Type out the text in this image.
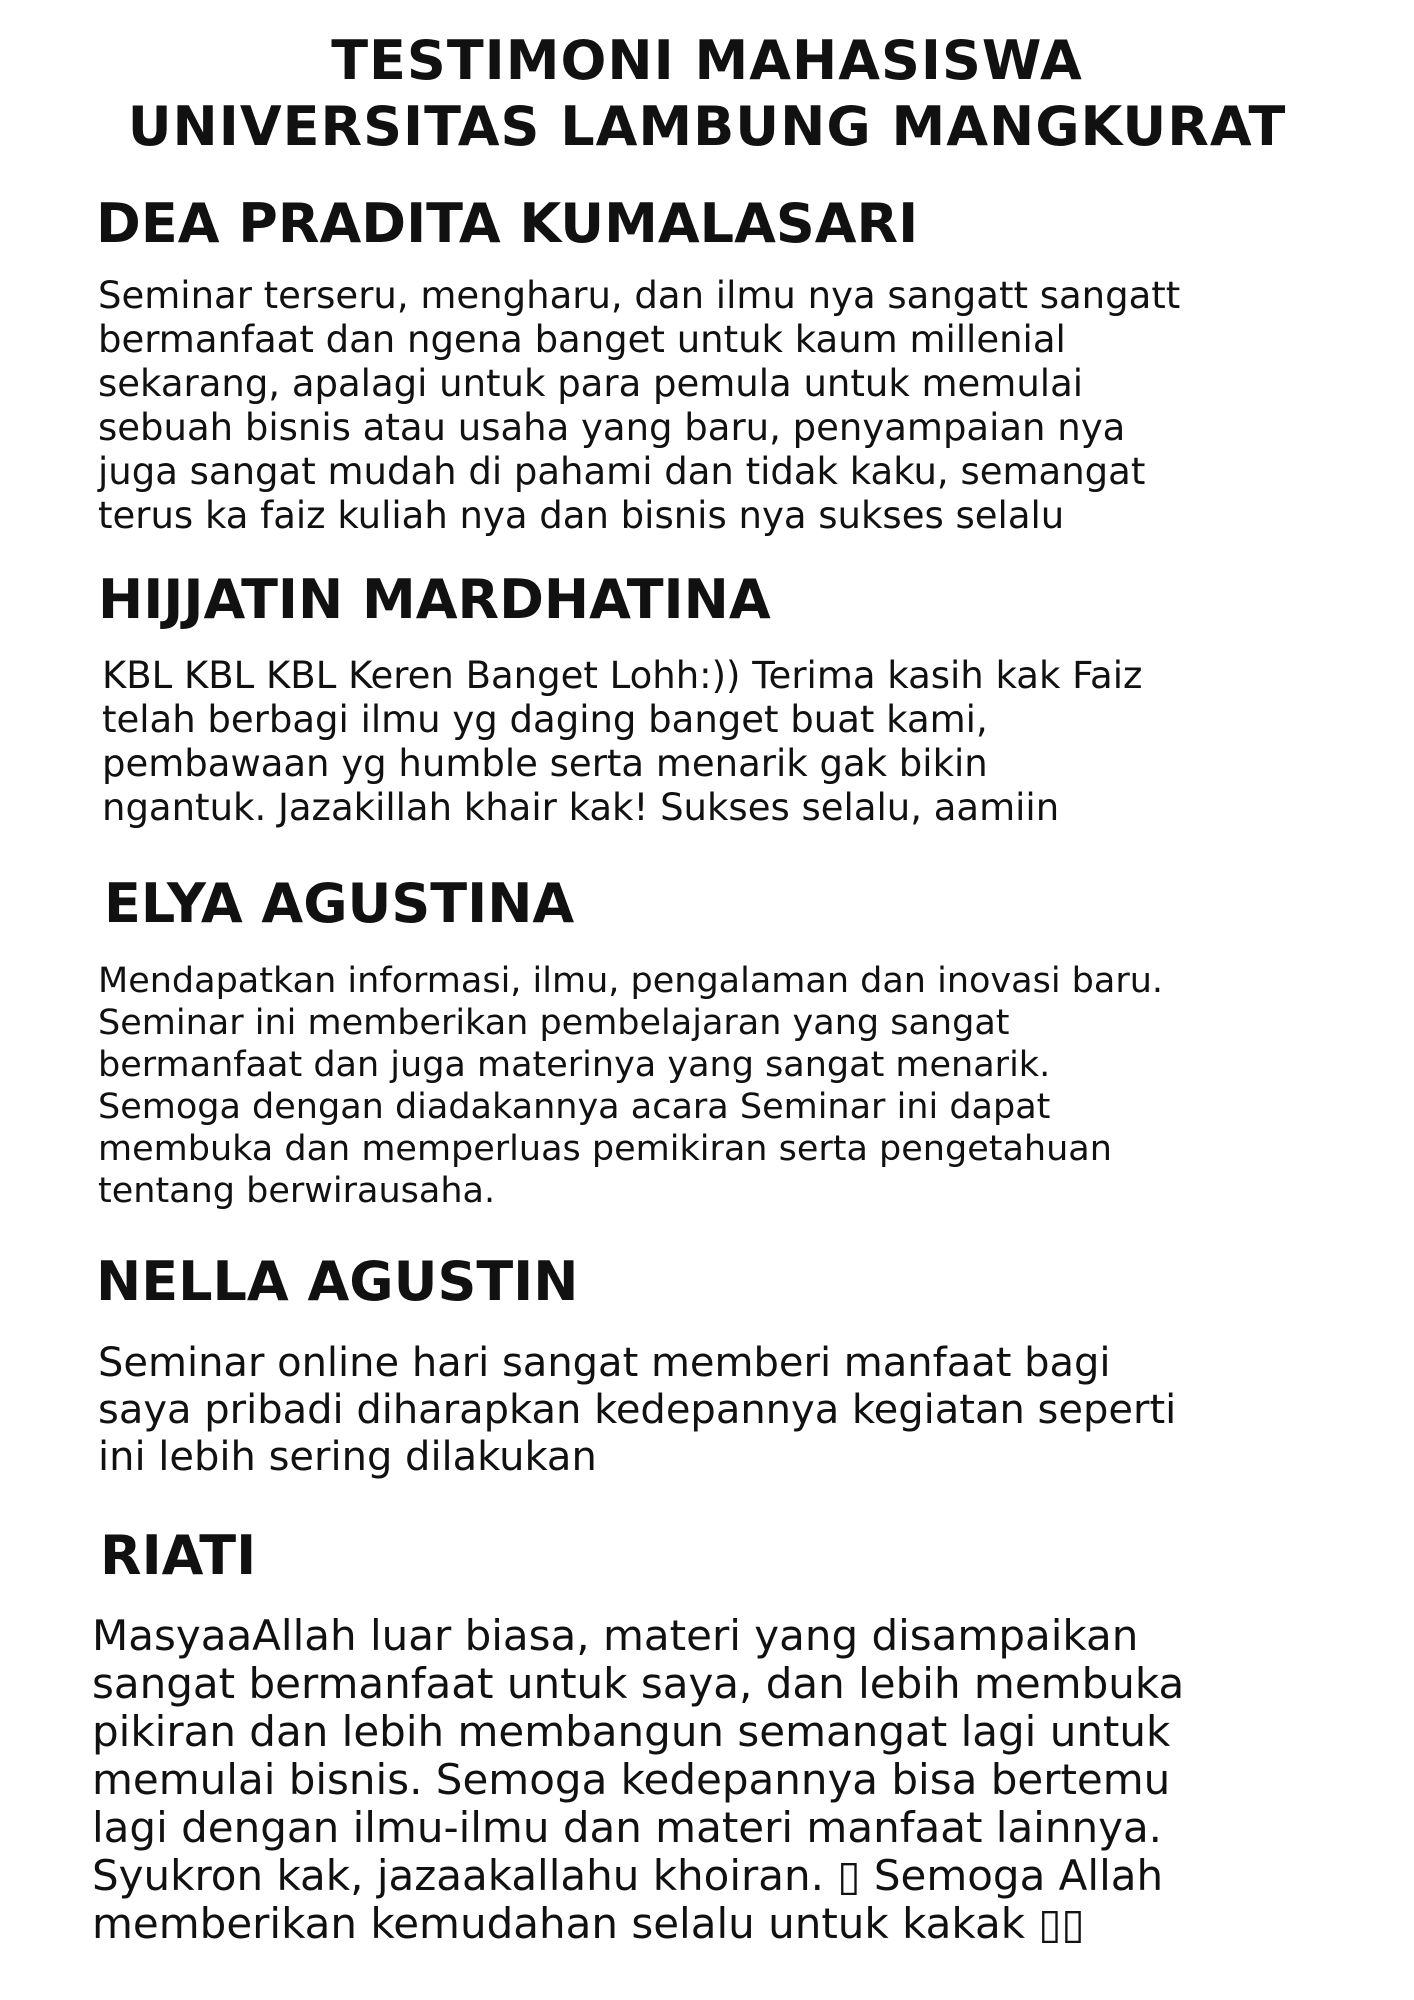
TESTIMONI MAHASISWA
UNIVERSITAS LAMBUNG MANGKURAT
DEA PRADITA KUMALASARI
Seminar terseru, mengharu, dan ilmu nya sangatt sangatt
bermanfaat dan ngena banget untuk kaum millenial
sekarang, apalagi untuk para pemula untuk memulai
sebuah bisnis atau usaha yang baru, penyampaian nya
juga sangat mudah di pahami dan tidak kaku, semangat
terus ka faiz kuliah nya dan bisnis nya sukses selalu
HIJJATIN MARDHATINA
KBL KBL KBL Keren Banget Lohh:)) Terima kasih kak Faiz
telah berbagi ilmu yg daging banget buat kami,
pembawaan yg humble serta menarik gak bikin
ngantuk. Jazakillah khair kak! Sukses selalu, aamiin
ELYA AGUSTINA
Mendapatkan informasi, ilmu, pengalaman dan inovasi baru.
Seminar ini memberikan pembelajaran yang sangat
bermanfaat dan juga materinya yang sangat menarik.
Semoga dengan diadakannya acara Seminar ini dapat
membuka dan memperluas pemikiran serta pengetahuan
tentang berwirausaha.
NELLA AGUSTIN
Seminar online hari sangat memberi manfaat bagi
saya pribadi diharapkan kedepannya kegiatan seperti
ini lebih sering dilakukan
RIATI
MasyaaAllah luar biasa, materi yang disampaikan
sangat bermanfaat untuk saya, dan lebih membuka
pikiran dan lebih membangun semangat lagi untuk
memulai bisnis. Semoga kedepannya bisa bertemu
lagi dengan ilmu-ilmu dan materi manfaat lainnya.
Syukron kak, jazaakallahu khoiran. ▯ Semoga Allah
memberikan kemudahan selalu untuk kakak ▯▯
